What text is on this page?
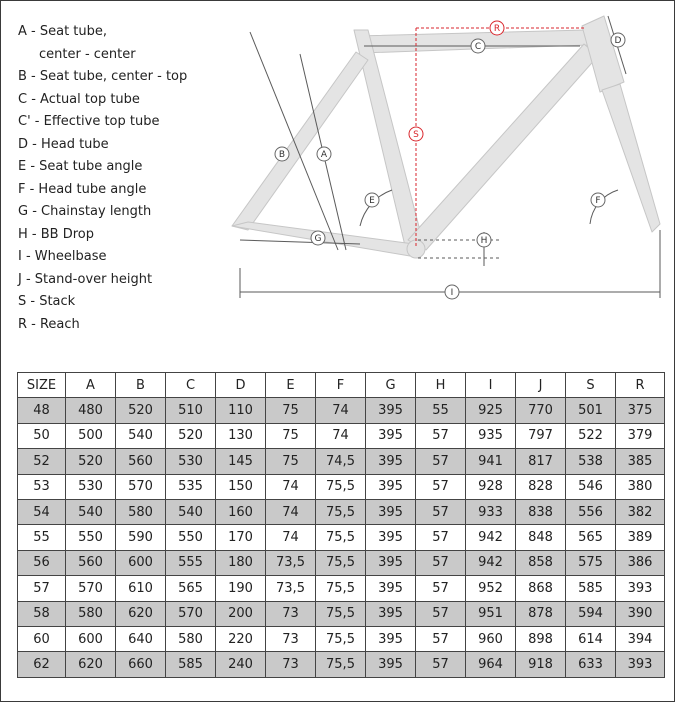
A - Seat tube,
center - center
B - Seat tube, center - top
C - Actual top tube
C' - Effective top tube
D - Head tube
E - Seat tube angle
F - Head tube angle
G - Chainstay length
H - BB Drop
I - Wheelbase
J - Stand-over height
S - Stack
R - Reach
A
B
C
D
E	F
G	H
I
S
R
SIZE	A	B	C	D	E	F	G	H	I	J	S	R
48	480	520	510	110	75	74	395	55	925	770	501	375
50	500	540	520	130	75	74	395	57	935	797	522	379
52	520	560	530	145	75	74,5	395	57	941	817	538	385
53	530	570	535	150	74	75,5	395	57	928	828	546	380
54	540	580	540	160	74	75,5	395	57	933	838	556	382
55	550	590	550	170	74	75,5	395	57	942	848	565	389
56	560	600	555	180	73,5	75,5	395	57	942	858	575	386
57	570	610	565	190	73,5	75,5	395	57	952	868	585	393
58	580	620	570	200	73	75,5	395	57	951	878	594	390
60	600	640	580	220	73	75,5	395	57	960	898	614	394
62	620	660	585	240	73	75,5	395	57	964	918	633	393
